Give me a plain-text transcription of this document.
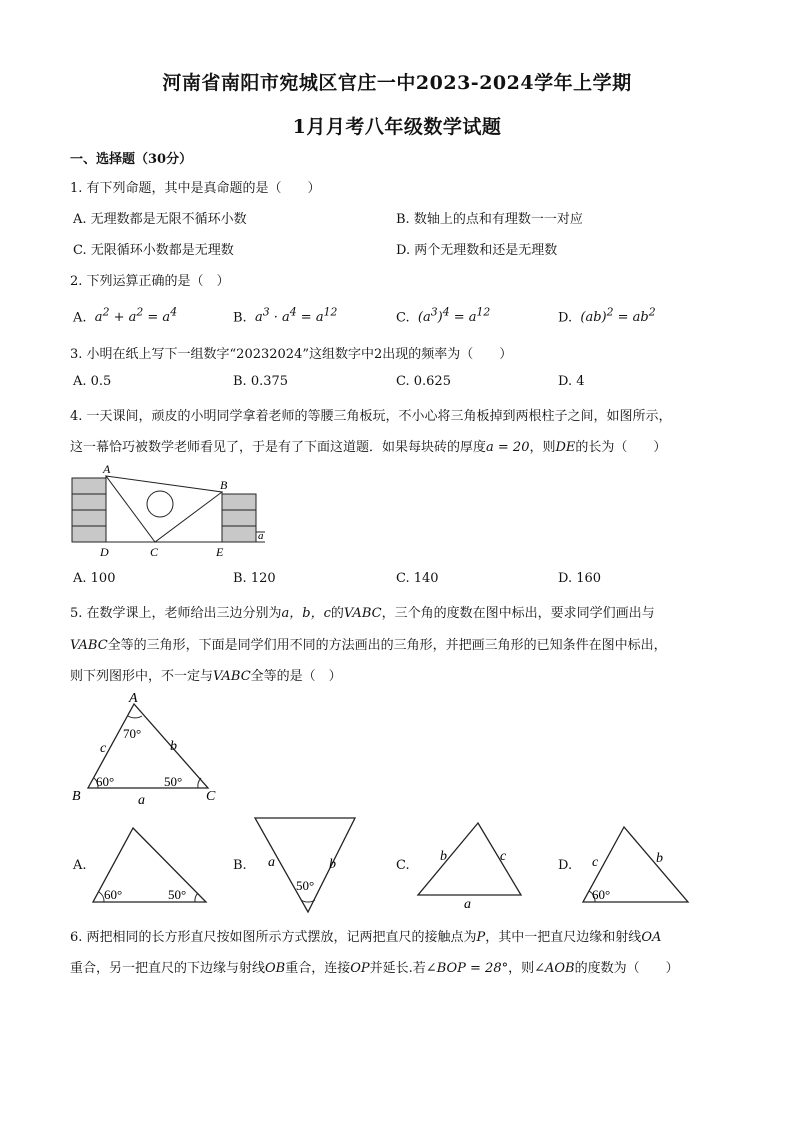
河南省南阳市宛城区官庄一中2023-2024学年上学期
1月月考八年级数学试题
一、选择题（30分）
1. 有下列命题，其中是真命题的是（　　）
A. 无理数都是无限不循环小数	B. 数轴上的点和有理数一一对应
C. 无限循环小数都是无理数	D. 两个无理数和还是无理数
2. 下列运算正确的是（　）
A.  $a^2 + a^2 = a^4$	B.  $a^3 \cdot a^4 = a^{12}$	C.  $(a^3)^4 = a^{12}$	D.  $(ab)^2 = ab^2$
3. 小明在纸上写下一组数字“20232024”这组数字中2出现的频率为（　　）
A. 0.5	B. 0.375	C. 0.625	D. 4
4. 一天课间，顽皮的小明同学拿着老师的等腰三角板玩，不小心将三角板掉到两根柱子之间，如图所示，
这一幕恰巧被数学老师看见了，于是有了下面这道题．如果每块砖的厚度a = 20，则DE的长为（　　）
A
B
C
D	E
a
A. 100	B. 120	C. 140	D. 160
5. 在数学课上，老师给出三边分别为a，b，c的VABC，三个角的度数在图中标出，要求同学们画出与
VABC全等的三角形，下面是同学们用不同的方法画出的三角形，并把画三角形的已知条件在图中标出，
则下列图形中，不一定与VABC全等的是（　）
A
B	C
c	b
a
70°
60°	50°
A.
60°	50°
B. a	b
50°
C.
b	c
a
D. c	b
60°
6. 两把相同的长方形直尺按如图所示方式摆放，记两把直尺的接触点为P，其中一把直尺边缘和射线OA
重合，另一把直尺的下边缘与射线OB重合，连接OP并延长.若∠BOP = 28°，则∠AOB的度数为（　　）
